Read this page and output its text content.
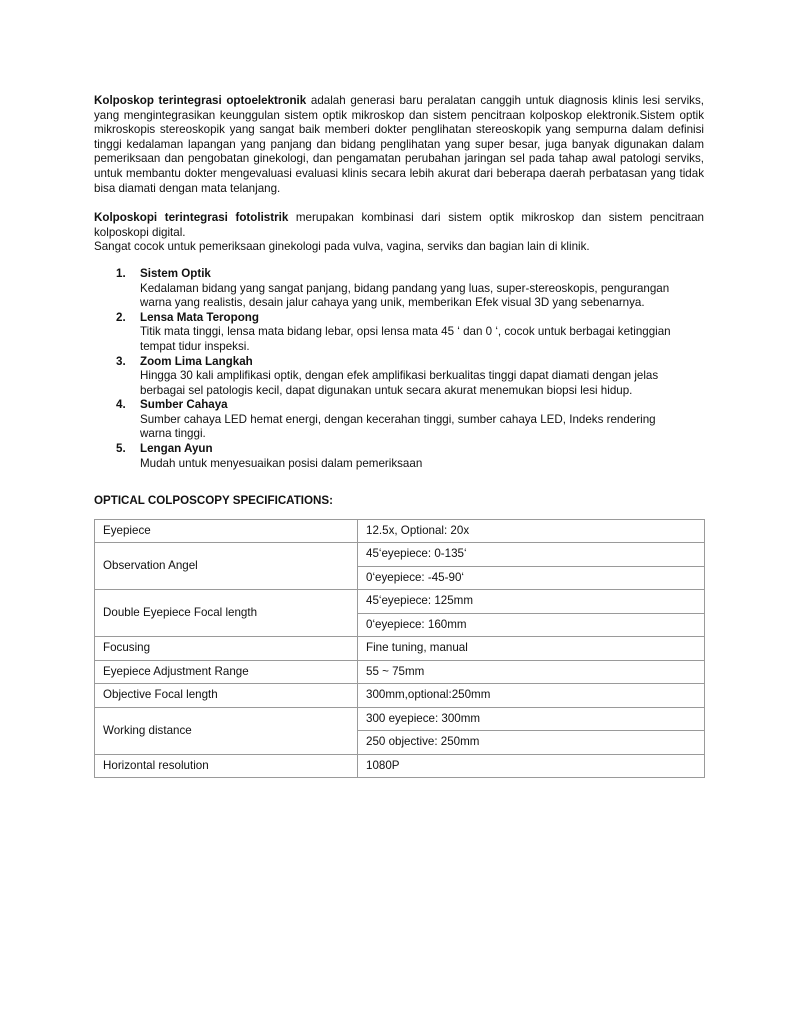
Kolposkop terintegrasi optoelektronik adalah generasi baru peralatan canggih untuk diagnosis klinis lesi serviks, yang mengintegrasikan keunggulan sistem optik mikroskop dan sistem pencitraan kolposkop elektronik.Sistem optik mikroskopis stereoskopik yang sangat baik memberi dokter penglihatan stereoskopik yang sempurna dalam definisi tinggi kedalaman lapangan yang panjang dan bidang penglihatan yang super besar, juga banyak digunakan dalam pemeriksaan dan pengobatan ginekologi, dan pengamatan perubahan jaringan sel pada tahap awal patologi serviks, untuk membantu dokter mengevaluasi evaluasi klinis secara lebih akurat dari beberapa daerah perbatasan yang tidak bisa diamati dengan mata telanjang.

Kolposkopi terintegrasi fotolistrik merupakan kombinasi dari sistem optik mikroskop dan sistem pencitraan kolposkopi digital.
Sangat cocok untuk pemeriksaan ginekologi pada vulva, vagina, serviks dan bagian lain di klinik.

1. Sistem Optik
Kedalaman bidang yang sangat panjang, bidang pandang yang luas, super-stereoskopis, pengurangan warna yang realistis, desain jalur cahaya yang unik, memberikan Efek visual 3D yang sebenarnya.
2. Lensa Mata Teropong
Titik mata tinggi, lensa mata bidang lebar, opsi lensa mata 45 ‘ dan 0 ‘, cocok untuk berbagai ketinggian tempat tidur inspeksi.
3. Zoom Lima Langkah
Hingga 30 kali amplifikasi optik, dengan efek amplifikasi berkualitas tinggi dapat diamati dengan jelas berbagai sel patologis kecil, dapat digunakan untuk secara akurat menemukan biopsi lesi hidup.
4. Sumber Cahaya
Sumber cahaya LED hemat energi, dengan kecerahan tinggi, sumber cahaya LED, Indeks rendering warna tinggi.
5. Lengan Ayun
Mudah untuk menyesuaikan posisi dalam pemeriksaan
OPTICAL COLPOSCOPY SPECIFICATIONS:
Eyepiece	12.5x, Optional: 20x
Observation Angel	45‘eyepiece: 0-135‘
	0‘eyepiece: -45-90‘
Double Eyepiece Focal length	45‘eyepiece: 125mm
	0‘eyepiece: 160mm
Focusing	Fine tuning, manual
Eyepiece Adjustment Range	55 ~ 75mm
Objective Focal length	300mm,optional:250mm
Working distance	300 eyepiece: 300mm
	250 objective: 250mm
Horizontal resolution	1080P
